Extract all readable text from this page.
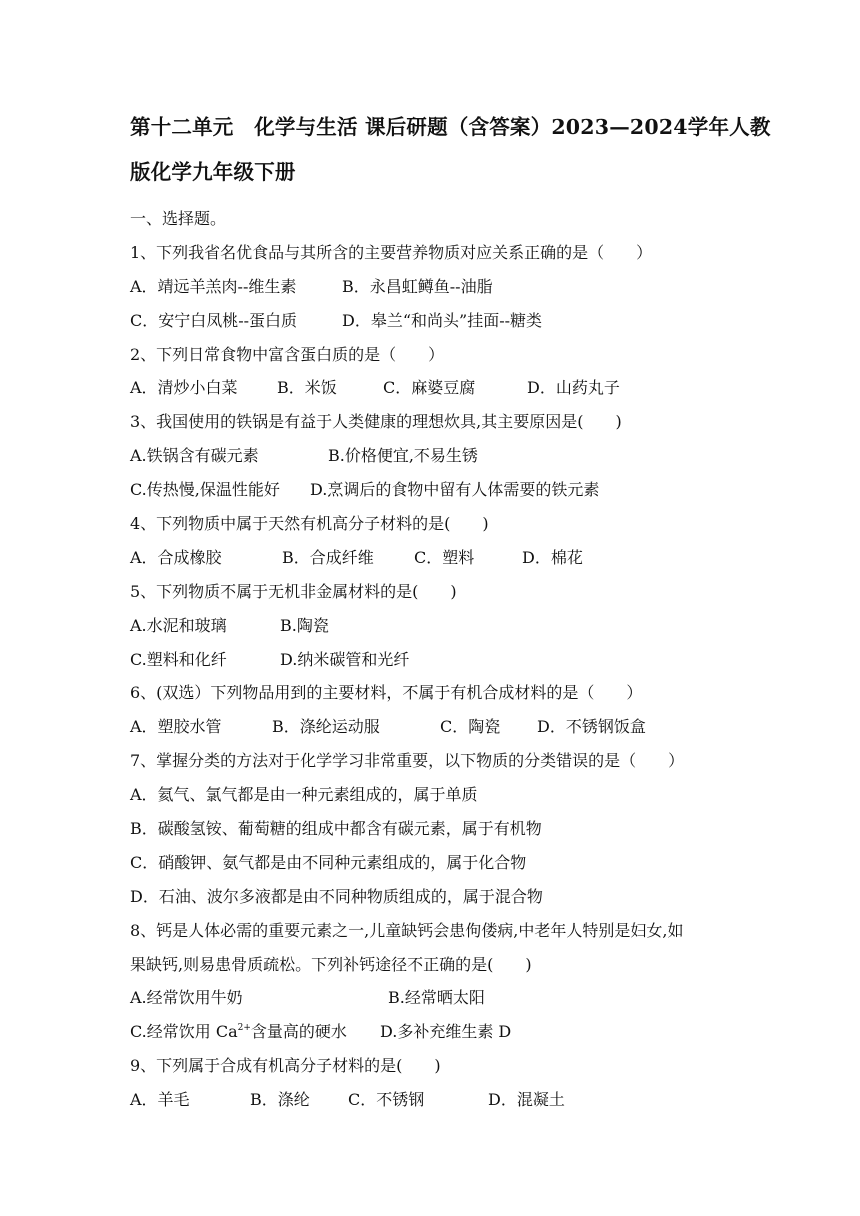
第十二单元　化学与生活 课后研题（含答案）2023—2024学年人教
版化学九年级下册
一、选择题。
1、下列我省名优食品与其所含的主要营养物质对应关系正确的是（　　）
A．靖远羊羔肉--维生素	B．永昌虹鳟鱼--油脂
C．安宁白凤桃--蛋白质	D．皋兰“和尚头”挂面--糖类
2、下列日常食物中富含蛋白质的是（　　）
A．清炒小白菜	B．米饭	C．麻婆豆腐	D．山药丸子
3、我国使用的铁锅是有益于人类健康的理想炊具,其主要原因是(　　)
A.铁锅含有碳元素	B.价格便宜,不易生锈
C.传热慢,保温性能好	D.烹调后的食物中留有人体需要的铁元素
4、下列物质中属于天然有机高分子材料的是(　　)
A．合成橡胶	B．合成纤维	C．塑料	D．棉花
5、下列物质不属于无机非金属材料的是(　　)
A.水泥和玻璃	B.陶瓷
C.塑料和化纤	D.纳米碳管和光纤
6、(双选）下列物品用到的主要材料，不属于有机合成材料的是（　　）
A．塑胶水管	B．涤纶运动服	C．陶瓷	D．不锈钢饭盒
7、掌握分类的方法对于化学学习非常重要，以下物质的分类错误的是（　　）
A．氦气、氯气都是由一种元素组成的，属于单质
B．碳酸氢铵、葡萄糖的组成中都含有碳元素，属于有机物
C．硝酸钾、氨气都是由不同种元素组成的，属于化合物
D．石油、波尔多液都是由不同种物质组成的，属于混合物
8、钙是人体必需的重要元素之一,儿童缺钙会患佝偻病,中老年人特别是妇女,如
果缺钙,则易患骨质疏松。下列补钙途径不正确的是(　　)
A.经常饮用牛奶	B.经常晒太阳
C.经常饮用 $Ca^{2+}$含量高的硬水	D.多补充维生素 D
9、下列属于合成有机高分子材料的是(　　)
A．羊毛	B．涤纶	C．不锈钢	D．混凝土
